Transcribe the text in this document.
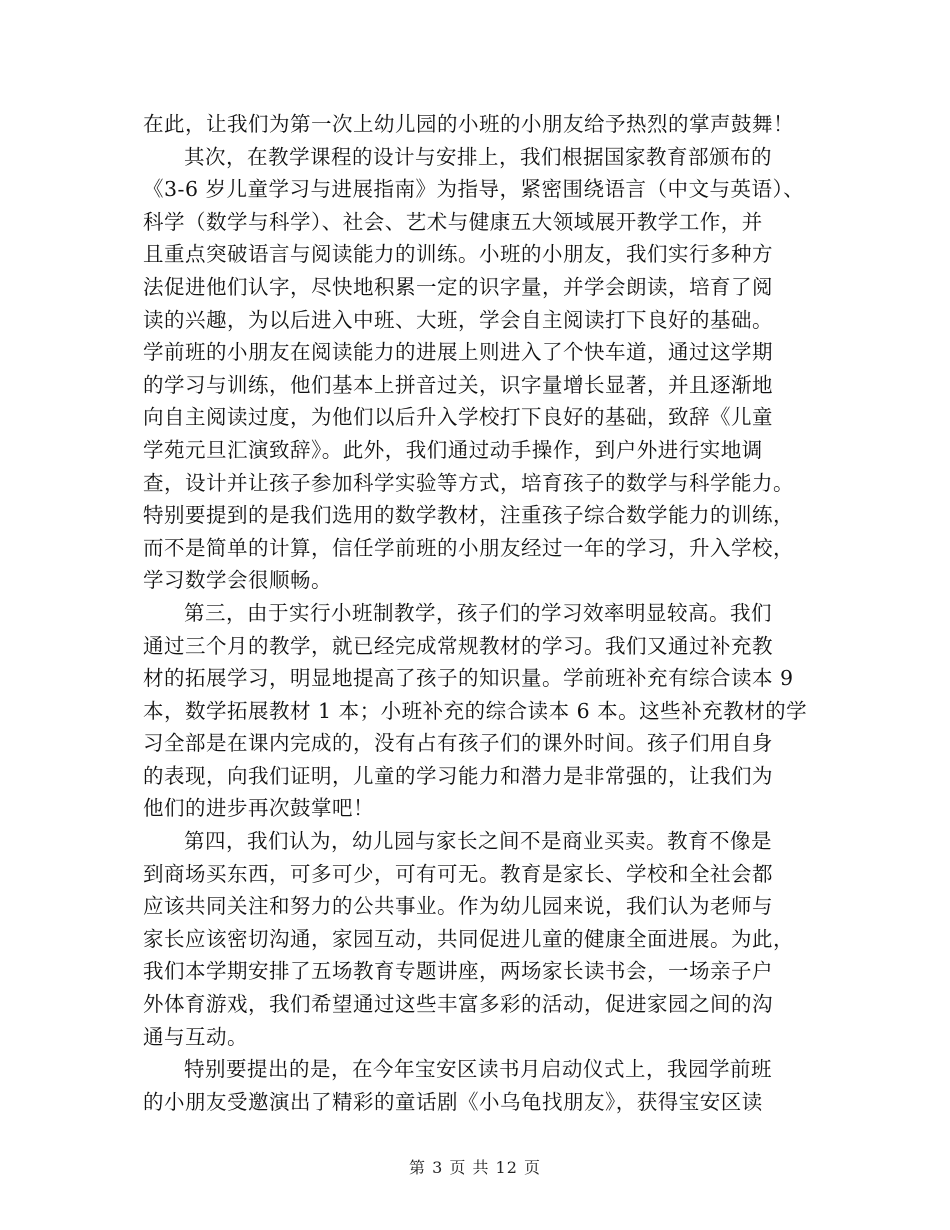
在此，让我们为第一次上幼儿园的小班的小朋友给予热烈的掌声鼓舞！
其次，在教学课程的设计与安排上，我们根据国家教育部颁布的
《3-6 岁儿童学习与进展指南》为指导，紧密围绕语言（中文与英语）、
科学（数学与科学）、社会、艺术与健康五大领域展开教学工作，并
且重点突破语言与阅读能力的训练。小班的小朋友，我们实行多种方
法促进他们认字，尽快地积累一定的识字量，并学会朗读，培育了阅
读的兴趣，为以后进入中班、大班，学会自主阅读打下良好的基础。
学前班的小朋友在阅读能力的进展上则进入了个快车道，通过这学期
的学习与训练，他们基本上拼音过关，识字量增长显著，并且逐渐地
向自主阅读过度，为他们以后升入学校打下良好的基础，致辞《儿童
学苑元旦汇演致辞》。此外，我们通过动手操作，到户外进行实地调
查，设计并让孩子参加科学实验等方式，培育孩子的数学与科学能力。
特别要提到的是我们选用的数学教材，注重孩子综合数学能力的训练，
而不是简单的计算，信任学前班的小朋友经过一年的学习，升入学校，
学习数学会很顺畅。
第三，由于实行小班制教学，孩子们的学习效率明显较高。我们
通过三个月的教学，就已经完成常规教材的学习。我们又通过补充教
材的拓展学习，明显地提高了孩子的知识量。学前班补充有综合读本 9
本，数学拓展教材 1 本；小班补充的综合读本 6 本。这些补充教材的学
习全部是在课内完成的，没有占有孩子们的课外时间。孩子们用自身
的表现，向我们证明，儿童的学习能力和潜力是非常强的，让我们为
他们的进步再次鼓掌吧！
第四，我们认为，幼儿园与家长之间不是商业买卖。教育不像是
到商场买东西，可多可少，可有可无。教育是家长、学校和全社会都
应该共同关注和努力的公共事业。作为幼儿园来说，我们认为老师与
家长应该密切沟通，家园互动，共同促进儿童的健康全面进展。为此，
我们本学期安排了五场教育专题讲座，两场家长读书会，一场亲子户
外体育游戏，我们希望通过这些丰富多彩的活动，促进家园之间的沟
通与互动。
特别要提出的是，在今年宝安区读书月启动仪式上，我园学前班
的小朋友受邀演出了精彩的童话剧《小乌龟找朋友》，获得宝安区读
第 3 页 共 12 页
